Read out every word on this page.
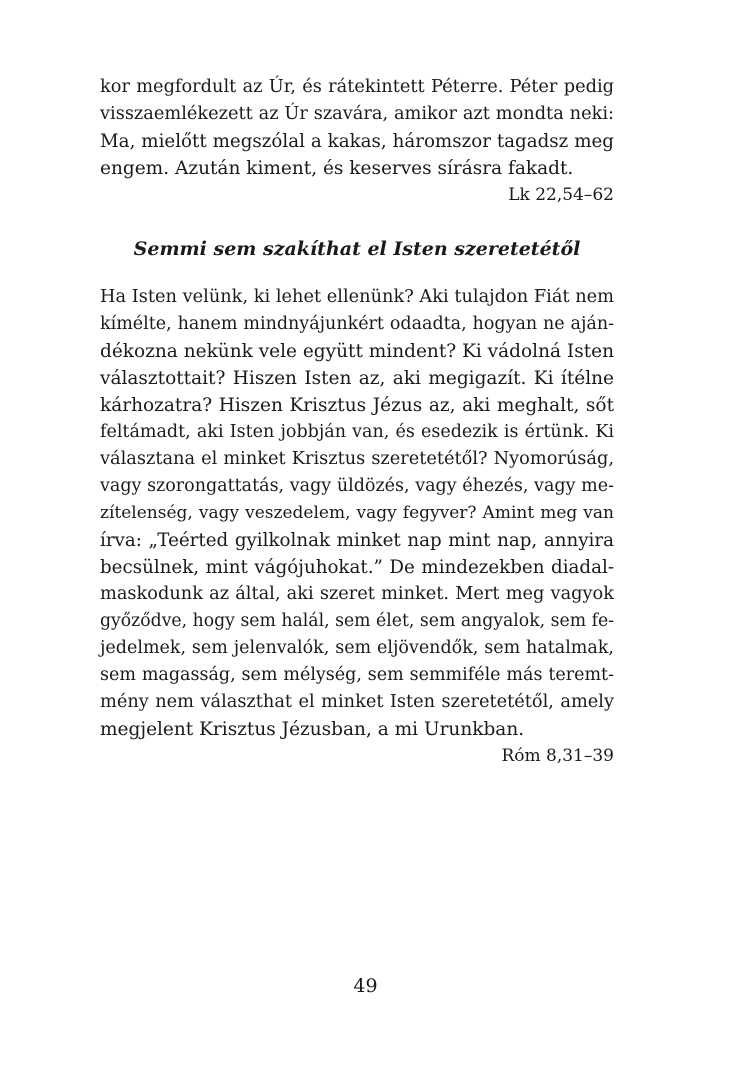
kor megfordult az Úr, és rátekintett Péterre. Péter pedig
visszaemlékezett az Úr szavára, amikor azt mondta neki:
Ma, mielőtt megszólal a kakas, háromszor tagadsz meg
engem. Azután kiment, és keserves sírásra fakadt.

Lk 22,54–62

Semmi sem szakíthat el Isten szeretetétől

Ha Isten velünk, ki lehet ellenünk? Aki tulajdon Fiát nem
kímélte, hanem mindnyájunkért odaadta, hogyan ne aján-
dékozna nekünk vele együtt mindent? Ki vádolná Isten
választottait? Hiszen Isten az, aki megigazít. Ki ítélne
kárhozatra? Hiszen Krisztus Jézus az, aki meghalt, sőt
feltámadt, aki Isten jobbján van, és esedezik is értünk. Ki
választana el minket Krisztus szeretetétől? Nyomorúság,
vagy szorongattatás, vagy üldözés, vagy éhezés, vagy me-
zítelenség, vagy veszedelem, vagy fegyver? Amint meg van
írva: „Teérted gyilkolnak minket nap mint nap, annyira
becsülnek, mint vágójuhokat.” De mindezekben diadal-
maskodunk az által, aki szeret minket. Mert meg vagyok
győződve, hogy sem halál, sem élet, sem angyalok, sem fe-
jedelmek, sem jelenvalók, sem eljövendők, sem hatalmak,
sem magasság, sem mélység, sem semmiféle más teremt-
mény nem választhat el minket Isten szeretetétől, amely
megjelent Krisztus Jézusban, a mi Urunkban.

Róm 8,31–39

49
